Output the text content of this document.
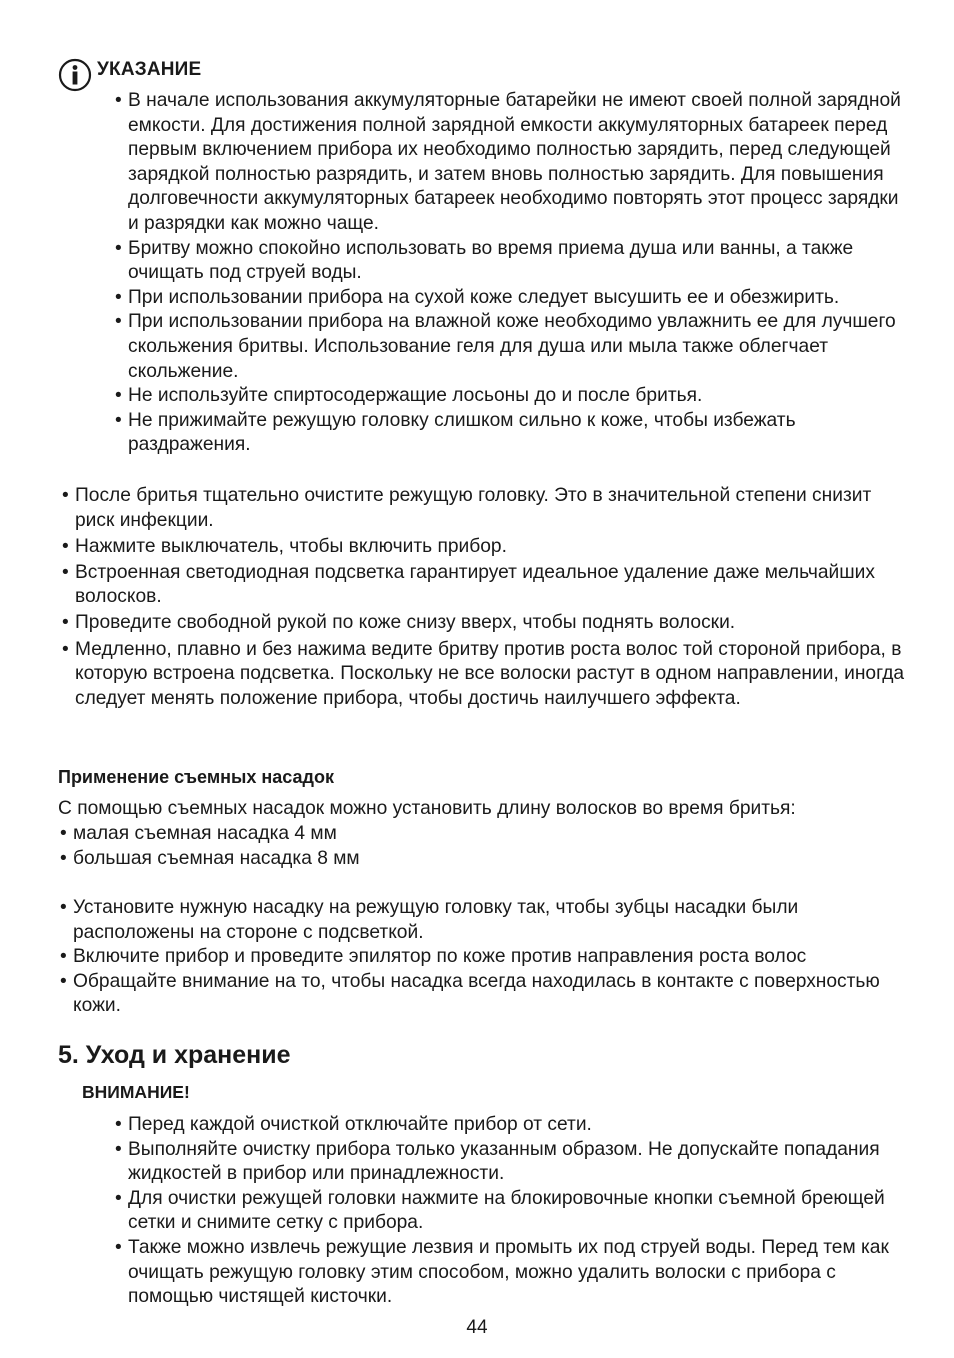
УКАЗАНИЕ
• В начале использования аккумуляторные батарейки не имеют своей полной зарядной емкости. Для достижения полной зарядной емкости аккумуляторных батареек перед первым включением прибора их необходимо полностью зарядить, перед следующей зарядкой полностью разрядить, и затем вновь полностью зарядить. Для повышения долговечности аккумуляторных батареек необходимо повторять этот процесс зарядки и разрядки как можно чаще.
• Бритву можно спокойно использовать во время приема душа или ванны, а также очищать под струей воды.
• При использовании прибора на сухой коже следует высушить ее и обезжирить.
• При использовании прибора на влажной коже необходимо увлажнить ее для лучшего скольжения бритвы. Использование геля для душа или мыла также облегчает скольжение.
• Не используйте спиртосодержащие лосьоны до и после бритья.
• Не прижимайте режущую головку слишком сильно к коже, чтобы избежать раздражения.
• После бритья тщательно очистите режущую головку. Это в значительной степени снизит риск инфекции.
• Нажмите выключатель, чтобы включить прибор.
• Встроенная светодиодная подсветка гарантирует идеальное удаление даже мельчайших волосков.
• Проведите свободной рукой по коже снизу вверх, чтобы поднять волоски.
• Медленно, плавно и без нажима ведите бритву против роста волос той стороной прибора, в которую встроена подсветка. Поскольку не все волоски растут в одном направлении, иногда следует менять положение прибора, чтобы достичь наилучшего эффекта.
Применение съемных насадок
С помощью съемных насадок можно установить длину волосков во время бритья:
• малая съемная насадка 4 мм
• большая съемная насадка 8 мм
• Установите нужную насадку на режущую головку так, чтобы зубцы насадки были расположены на стороне с подсветкой.
• Включите прибор и проведите эпилятор по коже против направления роста волос
• Обращайте внимание на то, чтобы насадка всегда находилась в контакте с поверхностью кожи.
5. Уход и хранение
ВНИМАНИЕ!
• Перед каждой очисткой отключайте прибор от сети.
• Выполняйте очистку прибора только указанным образом. Не допускайте попадания жидкостей в прибор или принадлежности.
• Для очистки режущей головки нажмите на блокировочные кнопки съемной бреющей сетки и снимите сетку с прибора.
• Также можно извлечь режущие лезвия и промыть их под струей воды. Перед тем как очищать режущую головку этим способом, можно удалить волоски с прибора с помощью чистящей кисточки.
44
